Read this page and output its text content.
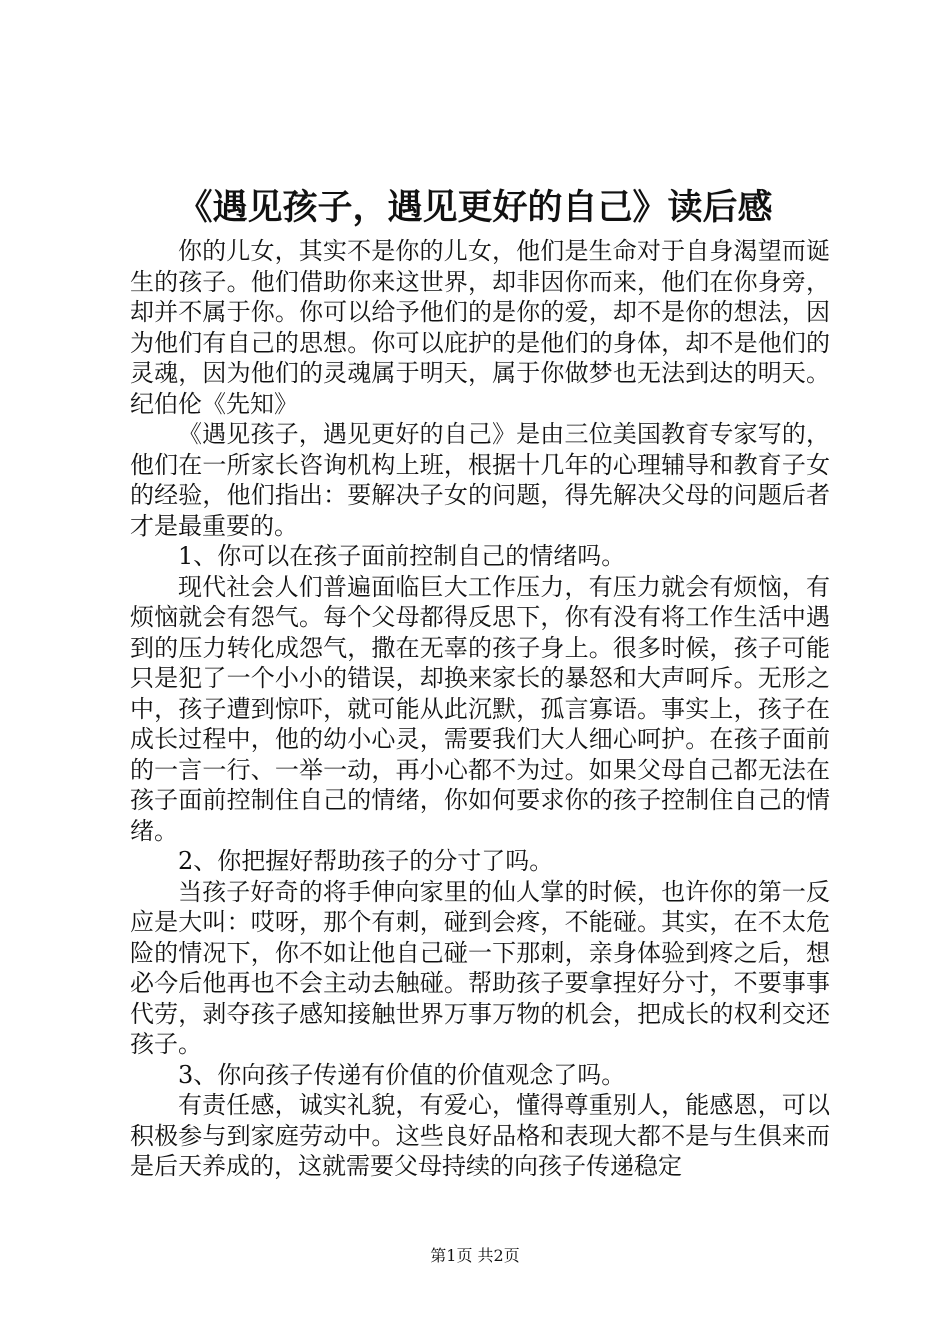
《遇见孩子，遇见更好的自己》读后感

你的儿女，其实不是你的儿女，他们是生命对于自身渴望而诞生的孩子。他们借助你来这世界，却非因你而来，他们在你身旁，却并不属于你。你可以给予他们的是你的爱，却不是你的想法，因为他们有自己的思想。你可以庇护的是他们的身体，却不是他们的灵魂，因为他们的灵魂属于明天，属于你做梦也无法到达的明天。纪伯伦《先知》

《遇见孩子，遇见更好的自己》是由三位美国教育专家写的，他们在一所家长咨询机构上班，根据十几年的心理辅导和教育子女的经验，他们指出：要解决子女的问题，得先解决父母的问题后者才是最重要的。

1、你可以在孩子面前控制自己的情绪吗。

现代社会人们普遍面临巨大工作压力，有压力就会有烦恼，有烦恼就会有怨气。每个父母都得反思下，你有没有将工作生活中遇到的压力转化成怨气，撒在无辜的孩子身上。很多时候，孩子可能只是犯了一个小小的错误，却换来家长的暴怒和大声呵斥。无形之中，孩子遭到惊吓，就可能从此沉默，孤言寡语。事实上，孩子在成长过程中，他的幼小心灵，需要我们大人细心呵护。在孩子面前的一言一行、一举一动，再小心都不为过。如果父母自己都无法在孩子面前控制住自己的情绪，你如何要求你的孩子控制住自己的情绪。

2、你把握好帮助孩子的分寸了吗。

当孩子好奇的将手伸向家里的仙人掌的时候，也许你的第一反应是大叫：哎呀，那个有刺，碰到会疼，不能碰。其实，在不太危险的情况下，你不如让他自己碰一下那刺，亲身体验到疼之后，想必今后他再也不会主动去触碰。帮助孩子要拿捏好分寸，不要事事代劳，剥夺孩子感知接触世界万事万物的机会，把成长的权利交还孩子。

3、你向孩子传递有价值的价值观念了吗。

有责任感，诚实礼貌，有爱心，懂得尊重别人，能感恩，可以积极参与到家庭劳动中。这些良好品格和表现大都不是与生俱来而是后天养成的，这就需要父母持续的向孩子传递稳定

第1页 共2页
